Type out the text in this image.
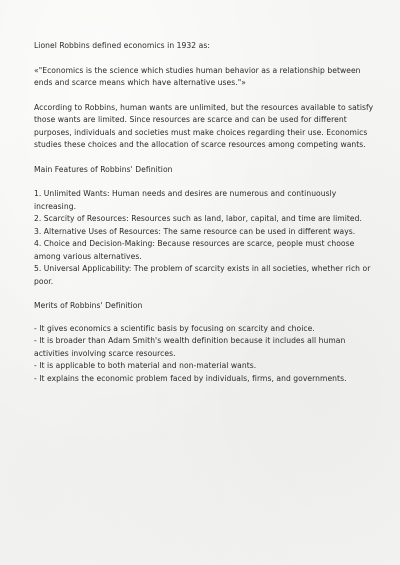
Lionel Robbins defined economics in 1932 as:

«"Economics is the science which studies human behavior as a relationship between ends and scarce means which have alternative uses."»

According to Robbins, human wants are unlimited, but the resources available to satisfy those wants are limited. Since resources are scarce and can be used for different purposes, individuals and societies must make choices regarding their use. Economics studies these choices and the allocation of scarce resources among competing wants.

Main Features of Robbins' Definition

1. Unlimited Wants: Human needs and desires are numerous and continuously increasing.
2. Scarcity of Resources: Resources such as land, labor, capital, and time are limited.
3. Alternative Uses of Resources: The same resource can be used in different ways.
4. Choice and Decision-Making: Because resources are scarce, people must choose among various alternatives.
5. Universal Applicability: The problem of scarcity exists in all societies, whether rich or poor.

Merits of Robbins' Definition

- It gives economics a scientific basis by focusing on scarcity and choice.
- It is broader than Adam Smith's wealth definition because it includes all human activities involving scarce resources.
- It is applicable to both material and non-material wants.
- It explains the economic problem faced by individuals, firms, and governments.
